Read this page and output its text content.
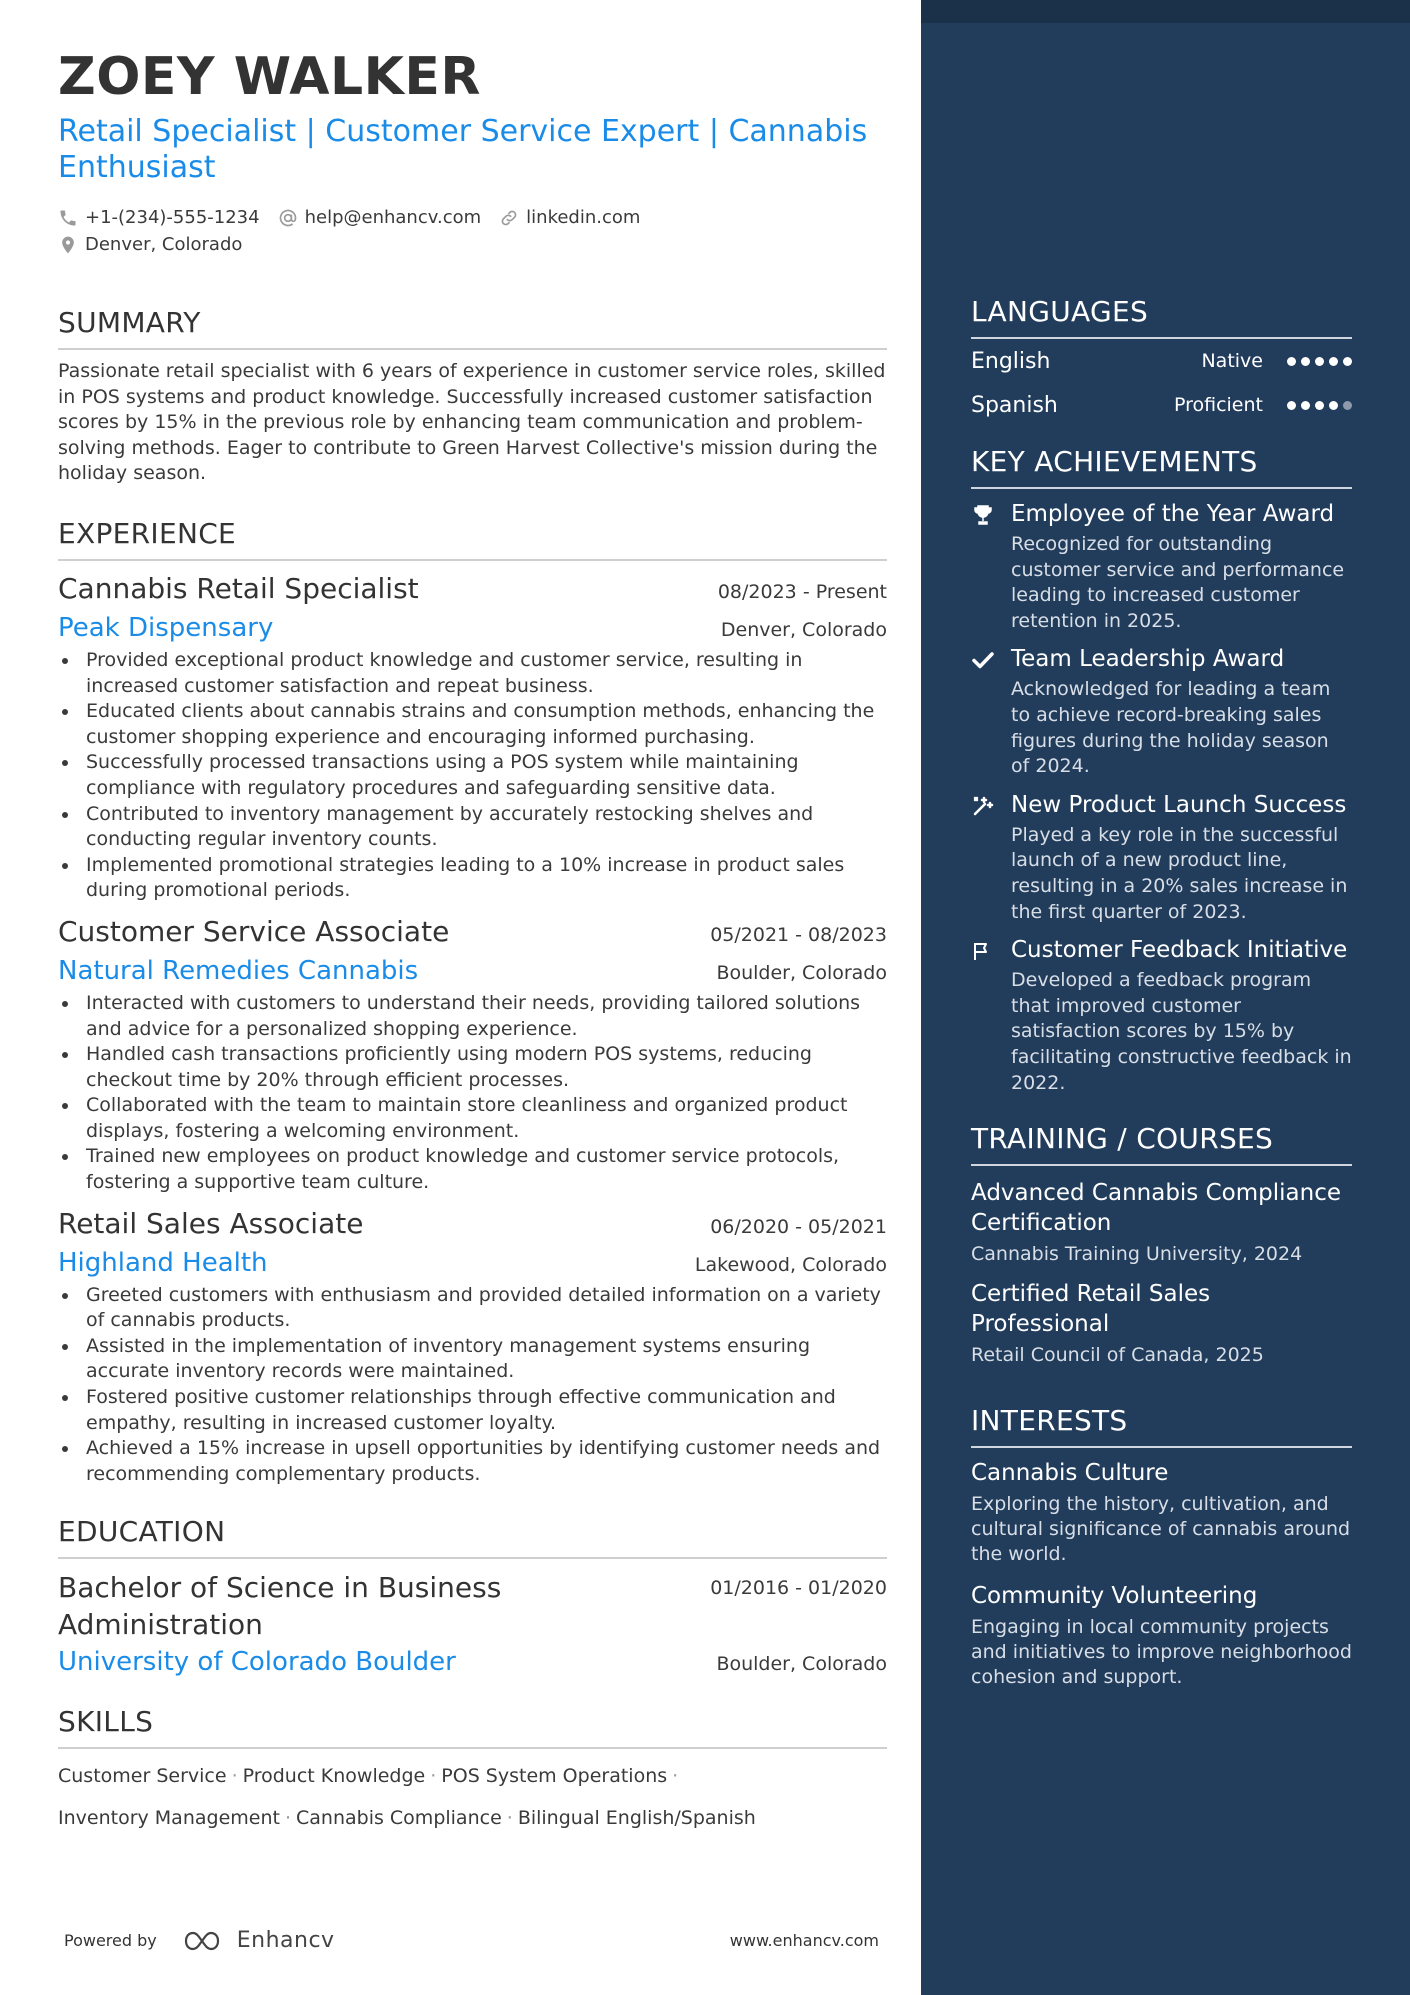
ZOEY WALKER
Retail Specialist | Customer Service Expert | Cannabis Enthusiast
+1-(234)-555-1234	help@enhancv.com	linkedin.com
Denver, Colorado
SUMMARY
Passionate retail specialist with 6 years of experience in customer service roles, skilled in POS systems and product knowledge. Successfully increased customer satisfaction scores by 15% in the previous role by enhancing team communication and problem-solving methods. Eager to contribute to Green Harvest Collective's mission during the holiday season.
EXPERIENCE
Cannabis Retail Specialist	08/2023 - Present
Peak Dispensary	Denver, Colorado
Provided exceptional product knowledge and customer service, resulting in increased customer satisfaction and repeat business.
Educated clients about cannabis strains and consumption methods, enhancing the customer shopping experience and encouraging informed purchasing.
Successfully processed transactions using a POS system while maintaining compliance with regulatory procedures and safeguarding sensitive data.
Contributed to inventory management by accurately restocking shelves and conducting regular inventory counts.
Implemented promotional strategies leading to a 10% increase in product sales during promotional periods.
Customer Service Associate	05/2021 - 08/2023
Natural Remedies Cannabis	Boulder, Colorado
Interacted with customers to understand their needs, providing tailored solutions and advice for a personalized shopping experience.
Handled cash transactions proficiently using modern POS systems, reducing checkout time by 20% through efficient processes.
Collaborated with the team to maintain store cleanliness and organized product displays, fostering a welcoming environment.
Trained new employees on product knowledge and customer service protocols, fostering a supportive team culture.
Retail Sales Associate	06/2020 - 05/2021
Highland Health	Lakewood, Colorado
Greeted customers with enthusiasm and provided detailed information on a variety of cannabis products.
Assisted in the implementation of inventory management systems ensuring accurate inventory records were maintained.
Fostered positive customer relationships through effective communication and empathy, resulting in increased customer loyalty.
Achieved a 15% increase in upsell opportunities by identifying customer needs and recommending complementary products.
EDUCATION
Bachelor of Science in Business Administration
01/2016 - 01/2020
University of Colorado Boulder	Boulder, Colorado
SKILLS
Customer Service · Product Knowledge · POS System Operations ·
Inventory Management · Cannabis Compliance · Bilingual English/Spanish
Powered by	Enhancv	www.enhancv.com
LANGUAGES
English	Native
Spanish	Proficient
KEY ACHIEVEMENTS
Employee of the Year Award
Recognized for outstanding customer service and performance leading to increased customer retention in 2025.
Team Leadership Award
Acknowledged for leading a team to achieve record-breaking sales figures during the holiday season of 2024.
New Product Launch Success
Played a key role in the successful launch of a new product line, resulting in a 20% sales increase in the first quarter of 2023.
Customer Feedback Initiative
Developed a feedback program that improved customer satisfaction scores by 15% by facilitating constructive feedback in 2022.
TRAINING / COURSES
Advanced Cannabis Compliance Certification
Cannabis Training University, 2024
Certified Retail Sales Professional
Retail Council of Canada, 2025
INTERESTS
Cannabis Culture
Exploring the history, cultivation, and cultural significance of cannabis around the world.
Community Volunteering
Engaging in local community projects and initiatives to improve neighborhood cohesion and support.
